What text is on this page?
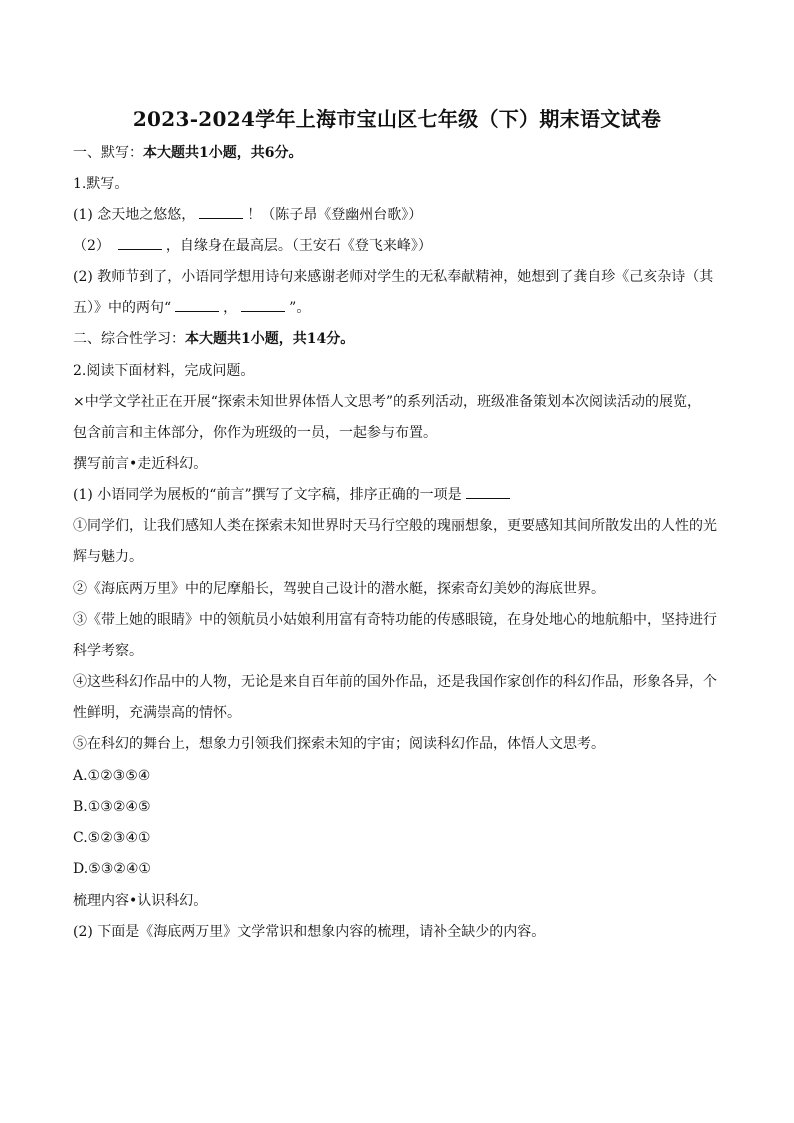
2023-2024学年上海市宝山区七年级（下）期末语文试卷
一、默写：本大题共1小题，共6分。
1.默写。
(1) 念天地之悠悠，	！（陈子昂《登幽州台歌》）
（2）	，自缘身在最高层。（王安石《登飞来峰》）
(2) 教师节到了，小语同学想用诗句来感谢老师对学生的无私奉献精神，她想到了龚自珍《己亥杂诗（其
五）》中的两句“	，	”。
二、综合性学习：本大题共1小题，共14分。
2.阅读下面材料，完成问题。
×中学文学社正在开展“探索未知世界体悟人文思考”的系列活动，班级准备策划本次阅读活动的展览，
包含前言和主体部分，你作为班级的一员，一起参与布置。
撰写前言•走近科幻。
(1) 小语同学为展板的“前言”撰写了文字稿，排序正确的一项是
①同学们，让我们感知人类在探索未知世界时天马行空般的瑰丽想象，更要感知其间所散发出的人性的光
辉与魅力。
②《海底两万里》中的尼摩船长，驾驶自己设计的潜水艇，探索奇幻美妙的海底世界。
③《带上她的眼睛》中的领航员小姑娘利用富有奇特功能的传感眼镜，在身处地心的地航船中，坚持进行
科学考察。
④这些科幻作品中的人物，无论是来自百年前的国外作品，还是我国作家创作的科幻作品，形象各异，个
性鲜明，充满崇高的情怀。
⑤在科幻的舞台上，想象力引领我们探索未知的宇宙；阅读科幻作品，体悟人文思考。
A.①②③⑤④
B.①③②④⑤
C.⑤②③④①
D.⑤③②④①
梳理内容•认识科幻。
(2) 下面是《海底两万里》文学常识和想象内容的梳理，请补全缺少的内容。
